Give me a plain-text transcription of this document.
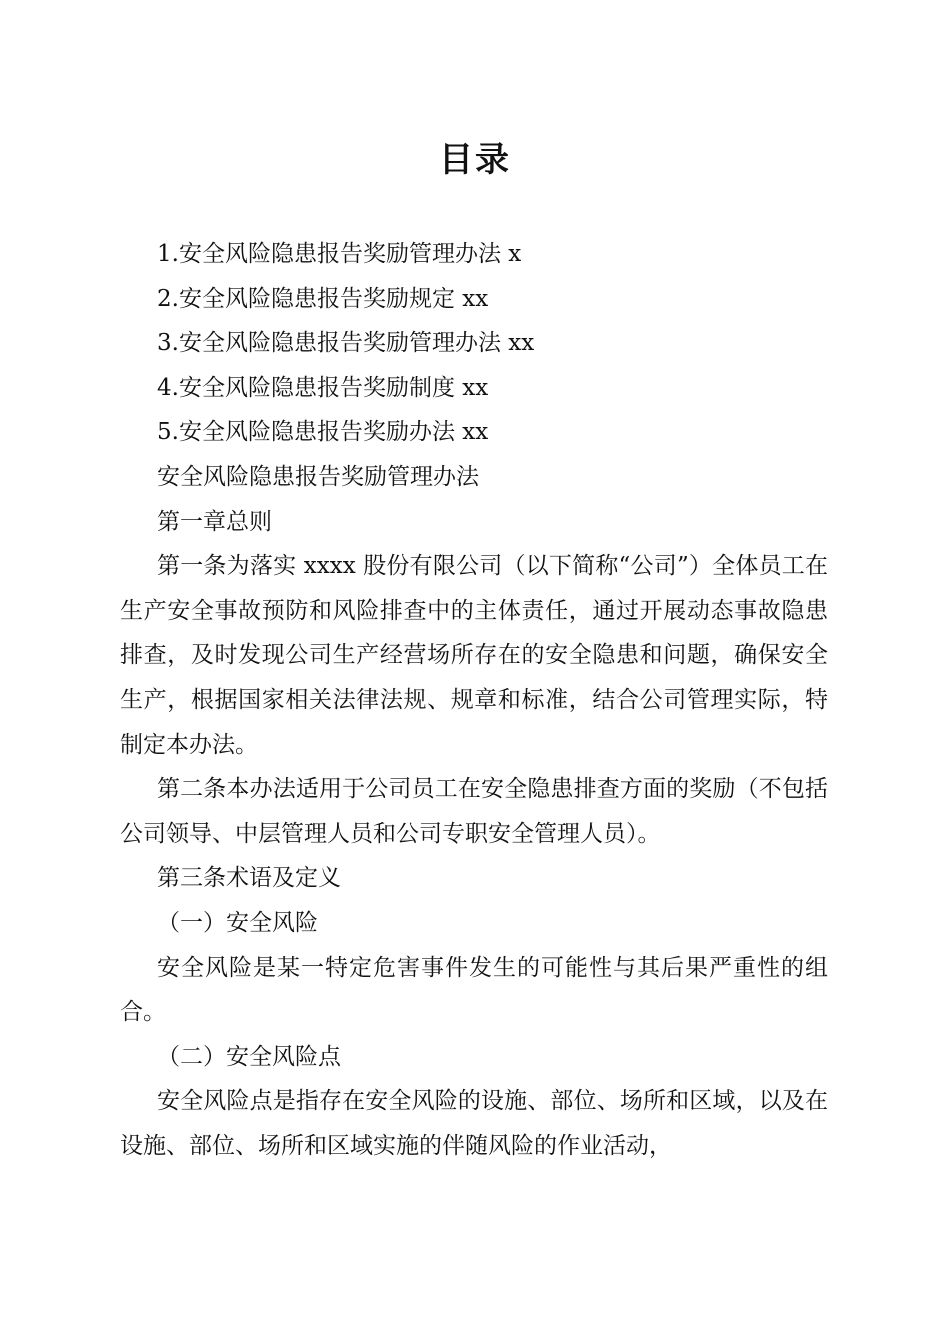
目录

1.安全风险隐患报告奖励管理办法 x

2.安全风险隐患报告奖励规定 xx

3.安全风险隐患报告奖励管理办法 xx

4.安全风险隐患报告奖励制度 xx

5.安全风险隐患报告奖励办法 xx

安全风险隐患报告奖励管理办法

第一章总则

第一条为落实 xxxx 股份有限公司（以下简称“公司”）全体员工在生产安全事故预防和风险排查中的主体责任，通过开展动态事故隐患排查，及时发现公司生产经营场所存在的安全隐患和问题，确保安全生产，根据国家相关法律法规、规章和标准，结合公司管理实际，特制定本办法。

第二条本办法适用于公司员工在安全隐患排查方面的奖励（不包括公司领导、中层管理人员和公司专职安全管理人员）。

第三条术语及定义

（一）安全风险

安全风险是某一特定危害事件发生的可能性与其后果严重性的组合。

（二）安全风险点

安全风险点是指存在安全风险的设施、部位、场所和区域，以及在设施、部位、场所和区域实施的伴随风险的作业活动，
